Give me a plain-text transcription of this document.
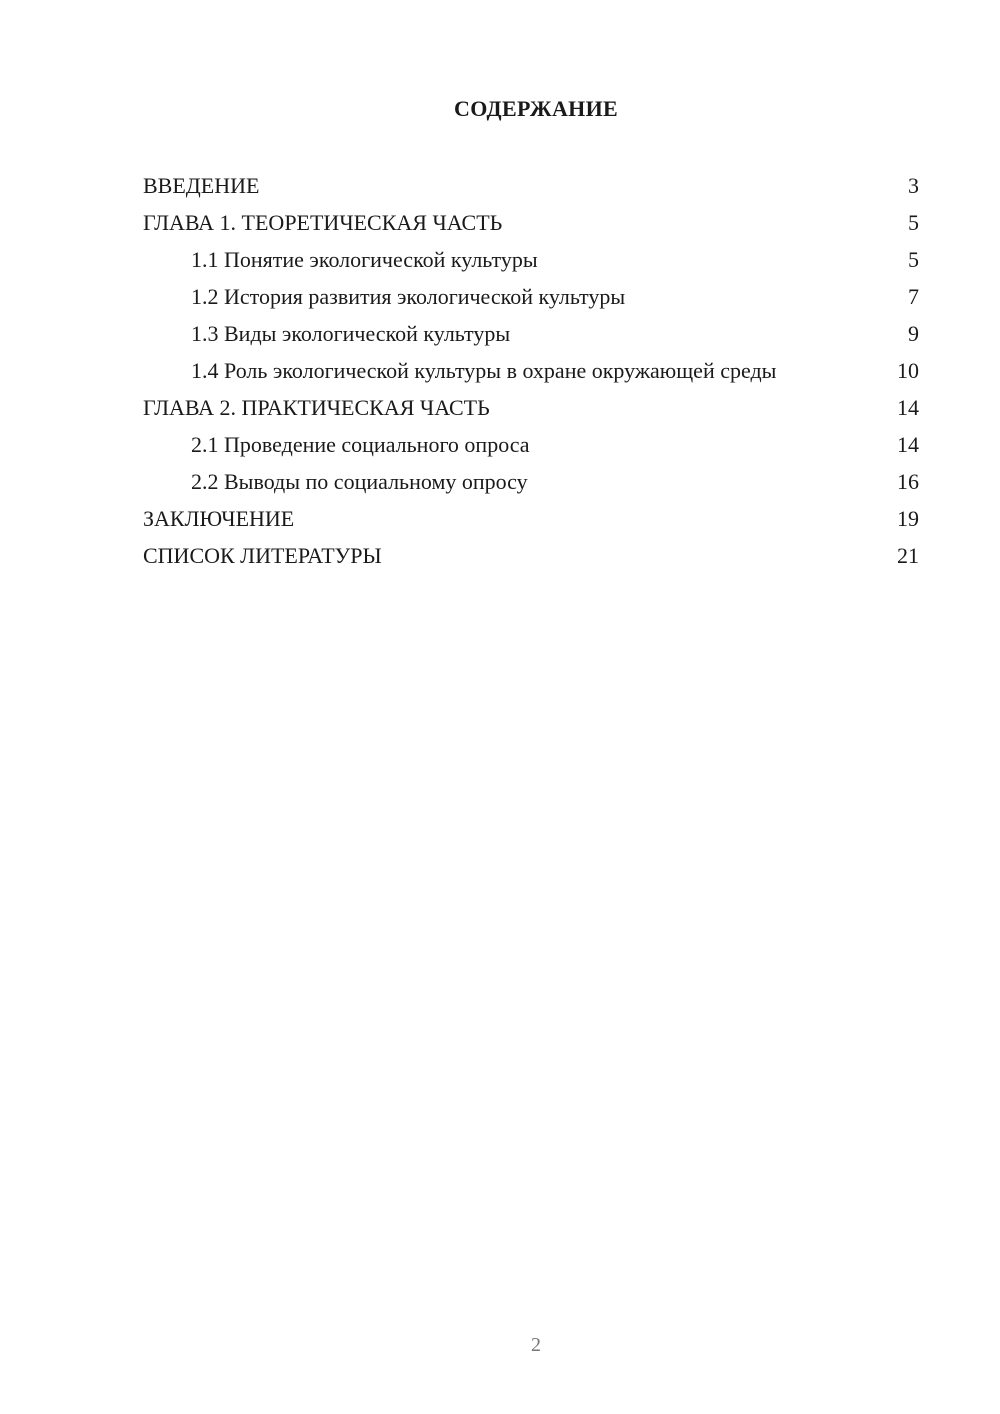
СОДЕРЖАНИЕ
ВВЕДЕНИЕ	3
ГЛАВА 1. ТЕОРЕТИЧЕСКАЯ ЧАСТЬ	5
1.1 Понятие экологической культуры	5
1.2 История развития экологической культуры	7
1.3 Виды экологической культуры	9
1.4 Роль экологической культуры в охране окружающей среды	10
ГЛАВА 2. ПРАКТИЧЕСКАЯ ЧАСТЬ	14
2.1 Проведение социального опроса	14
2.2 Выводы по социальному опросу	16
ЗАКЛЮЧЕНИЕ	19
СПИСОК ЛИТЕРАТУРЫ	21
2
